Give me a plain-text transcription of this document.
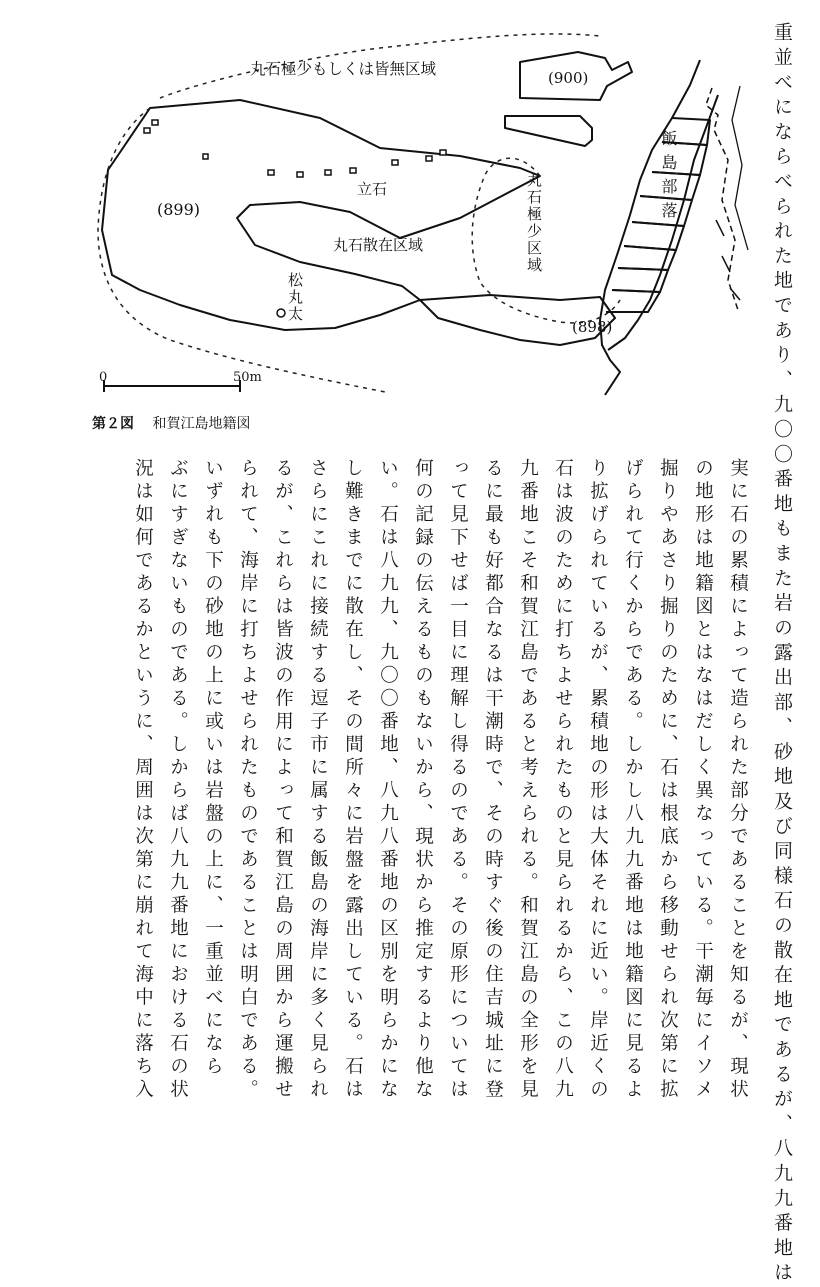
丸石極少もしくは皆無区域	(900)
(899)
(898)
立石
丸石散在区域	丸石極少区域
松丸太
飯島部落
0	50m
第２図 和賀江島地籍図	重並べにならべられた地であり、九〇〇番地もまた岩の露出部、砂地及び同様石の散在地であるが、八九九番地は
実に石の累積によって造られた部分であることを知るが、現状
の地形は地籍図とはなはだしく異なっている。干潮毎にイソメ
掘りやあさり掘りのために、石は根底から移動せられ次第に拡
げられて行くからである。しかし八九九番地は地籍図に見るよ
り拡げられているが、累積地の形は大体それに近い。岸近くの
石は波のために打ちよせられたものと見られるから、この八九
九番地こそ和賀江島であると考えられる。和賀江島の全形を見
るに最も好都合なるは干潮時で、その時すぐ後の住吉城址に登
って見下せば一目に理解し得るのである。その原形については
何の記録の伝えるものもないから、現状から推定するより他な
い。石は八九九、九〇〇番地、八九八番地の区別を明らかにな
し難きまでに散在し、その間所々に岩盤を露出している。石は
さらにこれに接続する逗子市に属する飯島の海岸に多く見られ
るが、これらは皆波の作用によって和賀江島の周囲から運搬せ
られて、海岸に打ちよせられたものであることは明白である。
いずれも下の砂地の上に或いは岩盤の上に、一重並べになら
ぶにすぎないものである。しからば八九九番地における石の状
況は如何であるかというに、周囲は次第に崩れて海中に落ち入
